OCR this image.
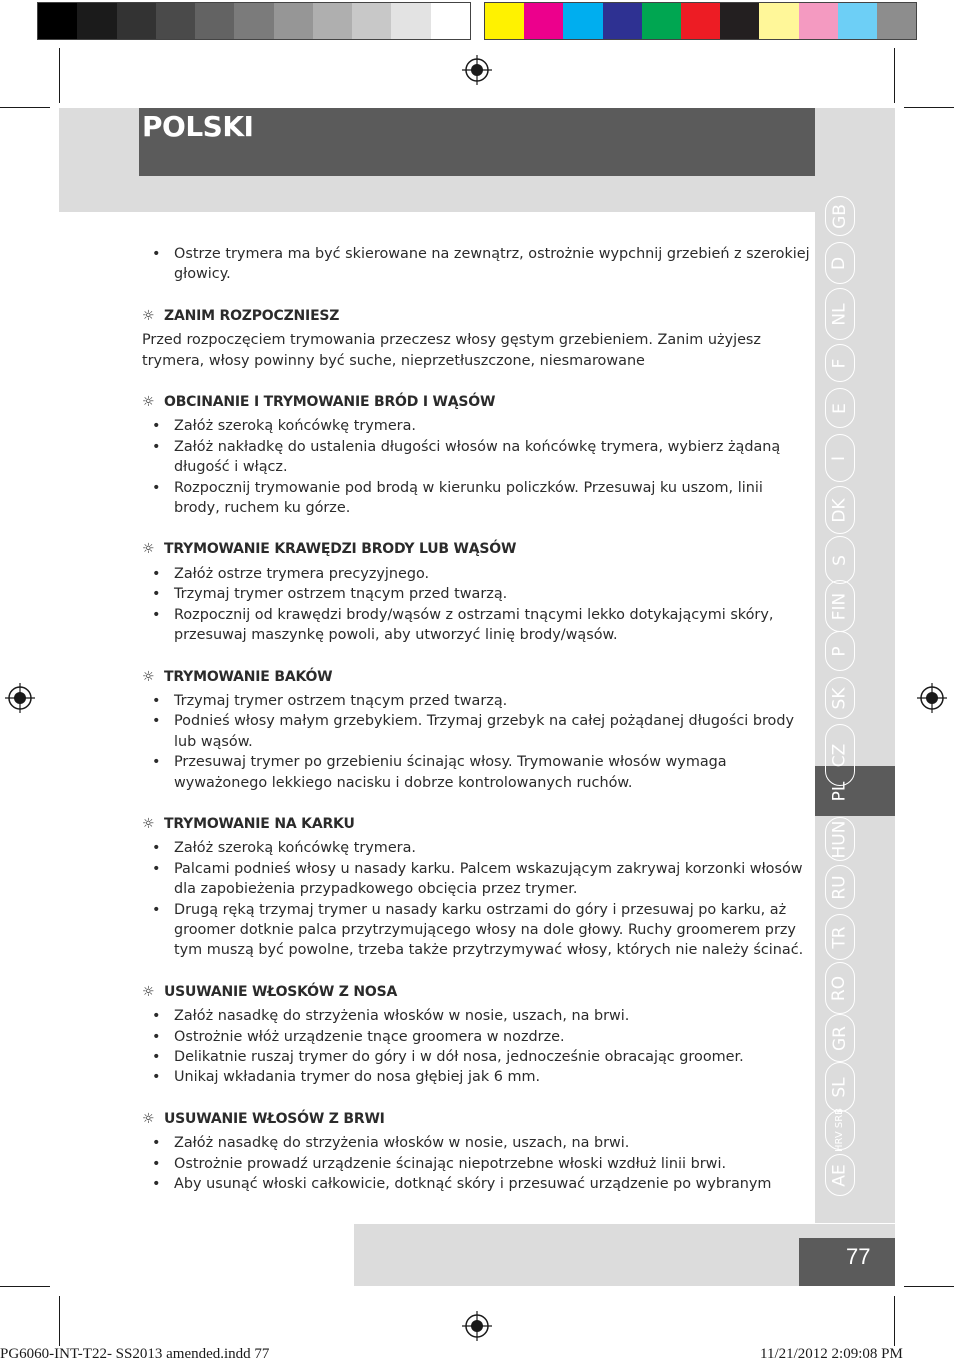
POLSKI
GB
D
NL
F
E
I
DK
S
FIN
P
SK
CZ
PL
HUN
RU
TR
RO
GR
SL
HRV SRB
AE
• Ostrze trymera ma być skierowane na zewnątrz, ostrożnie wypchnij grzebień z szerokiej głowicy.
☼ ZANIM ROZPOCZNIESZ

Przed rozpoczęciem trymowania przeczesz włosy gęstym grzebieniem. Zanim użyjesz trymera, włosy powinny być suche, nieprzetłuszczone, niesmarowane

☼ OBCINANIE I TRYMOWANIE BRÓD I WĄSÓW
• Załóż szeroką końcówkę trymera.
• Załóż nakładkę do ustalenia długości włosów na końcówkę trymera, wybierz żądaną długość i włącz.
• Rozpocznij trymowanie pod brodą w kierunku policzków. Przesuwaj ku uszom, linii brody, ruchem ku górze.
☼ TRYMOWANIE KRAWĘDZI BRODY LUB WĄSÓW
• Załóż ostrze trymera precyzyjnego.
• Trzymaj trymer ostrzem tnącym przed twarzą.
• Rozpocznij od krawędzi brody/wąsów z ostrzami tnącymi lekko dotykającymi skóry, przesuwaj maszynkę powoli, aby utworzyć linię brody/wąsów.
☼ TRYMOWANIE BAKÓW
• Trzymaj trymer ostrzem tnącym przed twarzą.
• Podnieś włosy małym grzebykiem. Trzymaj grzebyk na całej pożądanej długości brody lub wąsów.
• Przesuwaj trymer po grzebieniu ścinając włosy. Trymowanie włosów wymaga wyważonego lekkiego nacisku i dobrze kontrolowanych ruchów.
☼ TRYMOWANIE NA KARKU
• Załóż szeroką końcówkę trymera.
• Palcami podnieś włosy u nasady karku. Palcem wskazującym zakrywaj korzonki włosów dla zapobieżenia przypadkowego obcięcia przez trymer.
• Drugą ręką trzymaj trymer u nasady karku ostrzami do góry i przesuwaj po karku, aż groomer dotknie palca przytrzymującego włosy na dole głowy. Ruchy groomerem przy tym muszą być powolne, trzeba także przytrzymywać włosy, których nie należy ścinać.
☼ USUWANIE WŁOSKÓW Z NOSA
• Załóż nasadkę do strzyżenia włosków w nosie, uszach, na brwi.
• Ostrożnie włóż urządzenie tnące groomera w nozdrze.
• Delikatnie ruszaj trymer do góry i w dół nosa, jednocześnie obracając groomer.
• Unikaj wkładania trymer do nosa głębiej jak 6 mm.
☼ USUWANIE WŁOSÓW Z BRWI
• Załóż nasadkę do strzyżenia włosków w nosie, uszach, na brwi.
• Ostrożnie prowadź urządzenie ścinając niepotrzebne włoski wzdłuż linii brwi.
• Aby usunąć włoski całkowicie, dotknąć skóry i przesuwać urządzenie po wybranym
77
PG6060-INT-T22- SS2013 amended.indd 77	11/21/2012 2:09:08 PM
